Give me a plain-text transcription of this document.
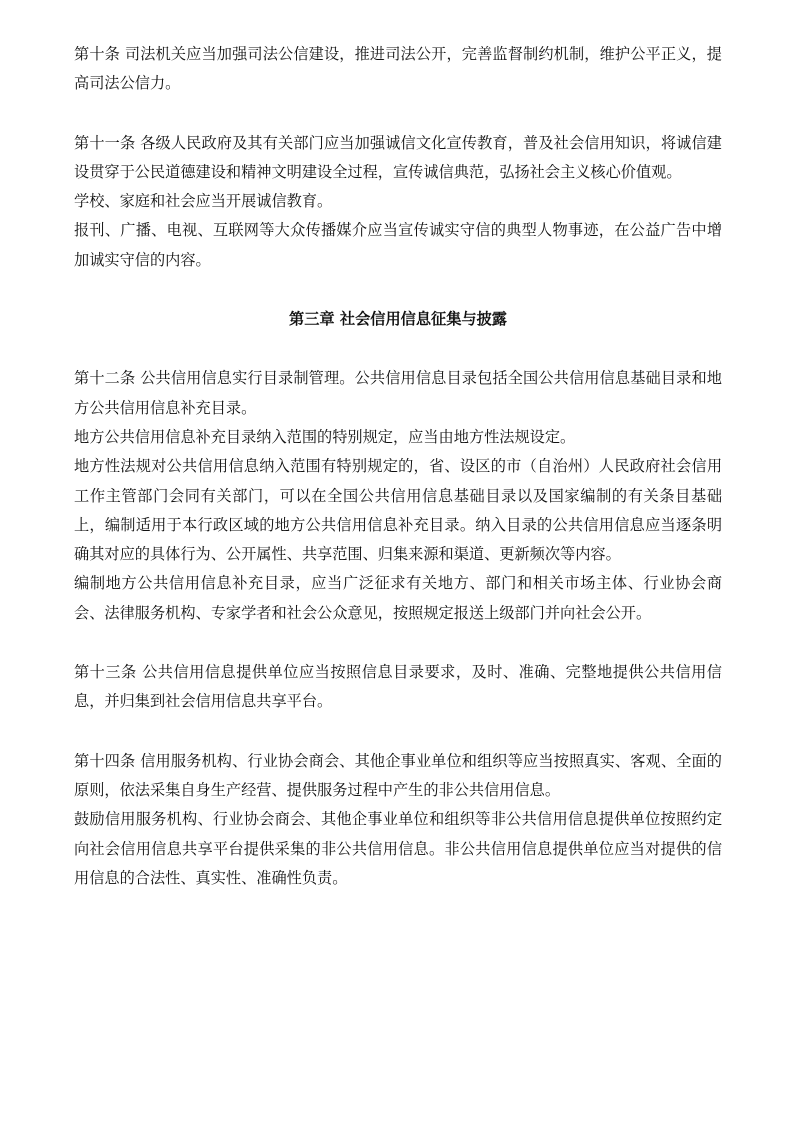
第十条 司法机关应当加强司法公信建设，推进司法公开，完善监督制约机制，维护公平正义，提高司法公信力。

第十一条 各级人民政府及其有关部门应当加强诚信文化宣传教育，普及社会信用知识，将诚信建设贯穿于公民道德建设和精神文明建设全过程，宣传诚信典范，弘扬社会主义核心价值观。

学校、家庭和社会应当开展诚信教育。

报刊、广播、电视、互联网等大众传播媒介应当宣传诚实守信的典型人物事迹，在公益广告中增加诚实守信的内容。

第三章 社会信用信息征集与披露

第十二条 公共信用信息实行目录制管理。公共信用信息目录包括全国公共信用信息基础目录和地方公共信用信息补充目录。

地方公共信用信息补充目录纳入范围的特别规定，应当由地方性法规设定。

地方性法规对公共信用信息纳入范围有特别规定的，省、设区的市（自治州）人民政府社会信用工作主管部门会同有关部门，可以在全国公共信用信息基础目录以及国家编制的有关条目基础上，编制适用于本行政区域的地方公共信用信息补充目录。纳入目录的公共信用信息应当逐条明确其对应的具体行为、公开属性、共享范围、归集来源和渠道、更新频次等内容。

编制地方公共信用信息补充目录，应当广泛征求有关地方、部门和相关市场主体、行业协会商会、法律服务机构、专家学者和社会公众意见，按照规定报送上级部门并向社会公开。

第十三条 公共信用信息提供单位应当按照信息目录要求，及时、准确、完整地提供公共信用信息，并归集到社会信用信息共享平台。

第十四条 信用服务机构、行业协会商会、其他企事业单位和组织等应当按照真实、客观、全面的原则，依法采集自身生产经营、提供服务过程中产生的非公共信用信息。

鼓励信用服务机构、行业协会商会、其他企事业单位和组织等非公共信用信息提供单位按照约定向社会信用信息共享平台提供采集的非公共信用信息。非公共信用信息提供单位应当对提供的信用信息的合法性、真实性、准确性负责。
